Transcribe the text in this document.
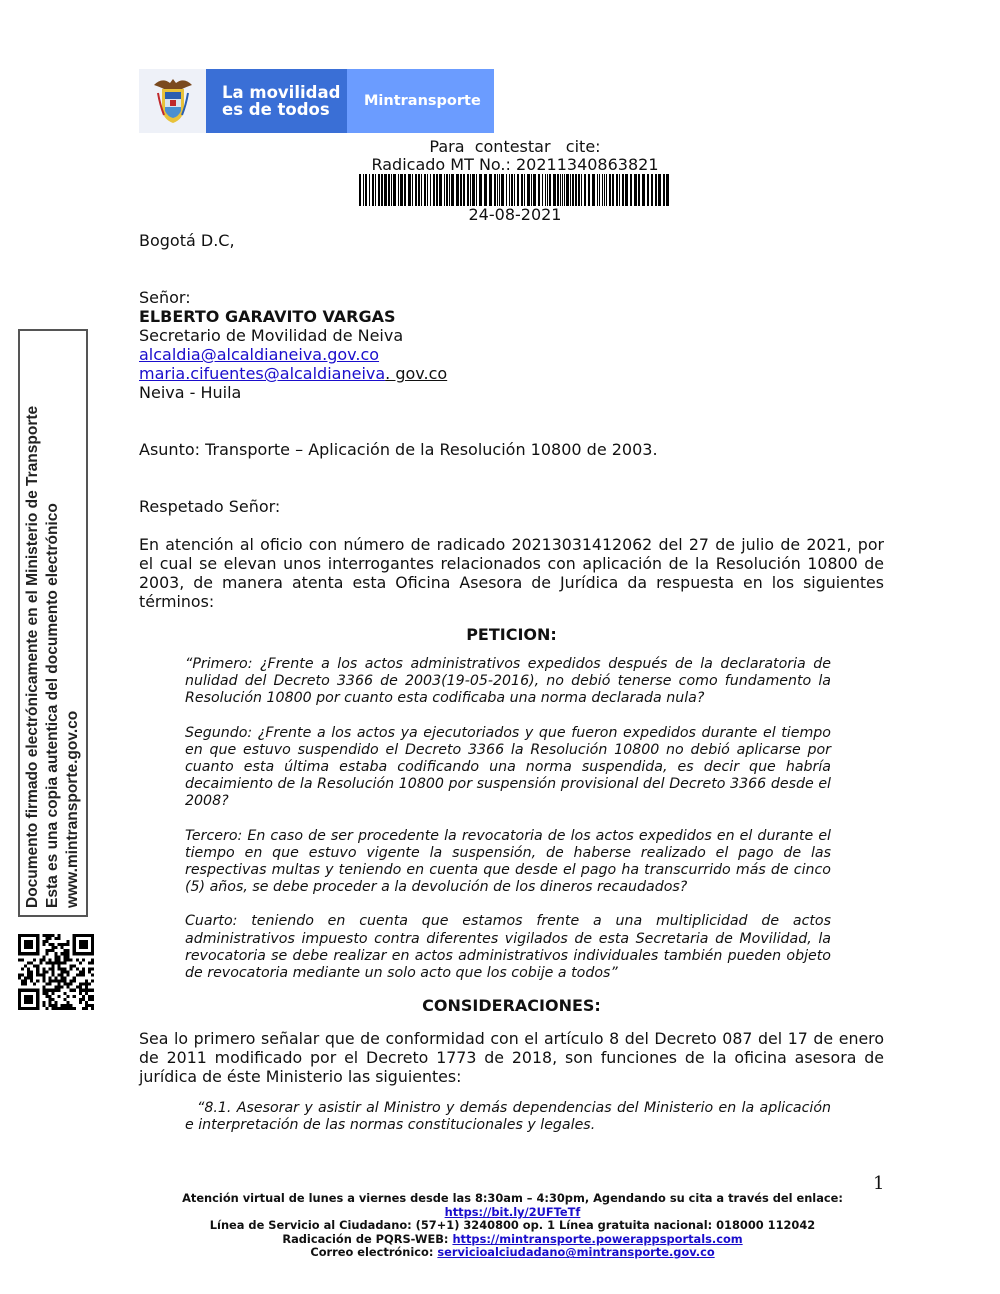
La movilidad
es de todos	Mintransporte
Para  contestar   cite:
Radicado MT No.: 20211340863821
24-08-2021
Documento firmado electrónicamente en el Ministerio de Transporte Esta es una copia autentica del documento electrónico www.mintransporte.gov.co
Bogotá D.C,
Señor:
ELBERTO GARAVITO VARGAS
Secretario de Movilidad de Neiva
alcaldia@alcaldianeiva.gov.co
maria.cifuentes@alcaldianeiva. gov.co
Neiva - Huila
Asunto: Transporte – Aplicación de la Resolución 10800 de 2003.
Respetado Señor:
En atención al oficio con número de radicado 20213031412062 del 27 de julio de 2021, por el cual se elevan unos interrogantes relacionados con aplicación de la Resolución 10800 de 2003, de manera atenta esta Oficina Asesora de Jurídica da respuesta en los siguientes términos:
PETICION:
“Primero: ¿Frente a los actos administrativos expedidos después de la declaratoria de nulidad del Decreto 3366 de 2003(19-05-2016), no debió tenerse como fundamento la Resolución 10800 por cuanto esta codificaba una norma declarada nula?
Segundo: ¿Frente a los actos ya ejecutoriados y que fueron expedidos durante el tiempo en que estuvo suspendido el Decreto 3366 la Resolución 10800 no debió aplicarse por cuanto esta última estaba codificando una norma suspendida, es decir que habría decaimiento de la Resolución 10800 por suspensión provisional del Decreto 3366 desde el 2008?
Tercero: En caso de ser procedente la revocatoria de los actos expedidos en el durante el tiempo en que estuvo vigente la suspensión, de haberse realizado el pago de las respectivas multas y teniendo en cuenta que desde el pago ha transcurrido más de cinco (5) años, se debe proceder a la devolución de los dineros recaudados?
Cuarto: teniendo en cuenta que estamos frente a una multiplicidad de actos administrativos impuesto contra diferentes vigilados de esta Secretaria de Movilidad, la revocatoria se debe realizar en actos administrativos individuales también pueden objeto de revocatoria mediante un solo acto que los cobije a todos”
CONSIDERACIONES:
Sea lo primero señalar que de conformidad con el artículo 8 del Decreto 087 del 17 de enero de 2011 modificado por el Decreto 1773 de 2018, son funciones de la oficina asesora de jurídica de éste Ministerio las siguientes:
“8.1. Asesorar y asistir al Ministro y demás dependencias del Ministerio en la aplicación e interpretación de las normas constitucionales y legales.
1
Atención virtual de lunes a viernes desde las 8:30am – 4:30pm, Agendando su cita a través del enlace:
https://bit.ly/2UFTeTf
Línea de Servicio al Ciudadano: (57+1) 3240800 op. 1 Línea gratuita nacional: 018000 112042
Radicación de PQRS-WEB: https://mintransporte.powerappsportals.com
Correo electrónico: servicioalciudadano@mintransporte.gov.co
